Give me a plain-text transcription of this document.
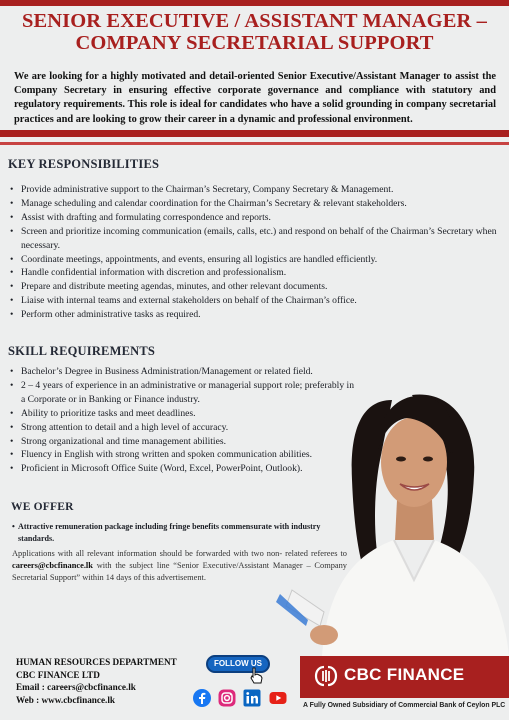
SENIOR EXECUTIVE / ASSISTANT MANAGER –
COMPANY SECRETARIAL SUPPORT

We are looking for a highly motivated and detail-oriented Senior Executive/Assistant Manager to assist the Company Secretary in ensuring effective corporate governance and compliance with statutory and regulatory requirements. This role is ideal for candidates who have a solid grounding in company secretarial practices and are looking to grow their career in a dynamic and professional environment.

KEY RESPONSIBILITIES
• Provide administrative support to the Chairman’s Secretary, Company Secretary & Management.
• Manage scheduling and calendar coordination for the Chairman’s Secretary & relevant stakeholders.
• Assist with drafting and formulating correspondence and reports.
• Screen and prioritize incoming communication (emails, calls, etc.) and respond on behalf of the Chairman’s Secretary when necessary.
• Coordinate meetings, appointments, and events, ensuring all logistics are handled efficiently.
• Handle confidential information with discretion and professionalism.
• Prepare and distribute meeting agendas, minutes, and other relevant documents.
• Liaise with internal teams and external stakeholders on behalf of the Chairman’s office.
• Perform other administrative tasks as required.
SKILL REQUIREMENTS
• Bachelor’s Degree in Business Administration/Management or related field.
• 2 – 4 years of experience in an administrative or managerial support role; preferably in a Corporate or in Banking or Finance industry.
• Ability to prioritize tasks and meet deadlines.
• Strong attention to detail and a high level of accuracy.
• Strong organizational and time management abilities.
• Fluency in English with strong written and spoken communication abilities.
• Proficient in Microsoft Office Suite (Word, Excel, PowerPoint, Outlook).
WE OFFER
• Attractive remuneration package including fringe benefits commensurate with industry standards.

Applications with all relevant information should be forwarded with two non- related referees to careers@cbcfinance.lk with the subject line “Senior Executive/Assistant Manager – Company Secretarial Support” within 14 days of this advertisement.

HUMAN RESOURCES DEPARTMENT
CBC FINANCE LTD
Email : careers@cbcfinance.lk
Web : www.cbcfinance.lk
FOLLOW US
CBC FINANCE
A Fully Owned Subsidiary of Commercial Bank of Ceylon PLC
